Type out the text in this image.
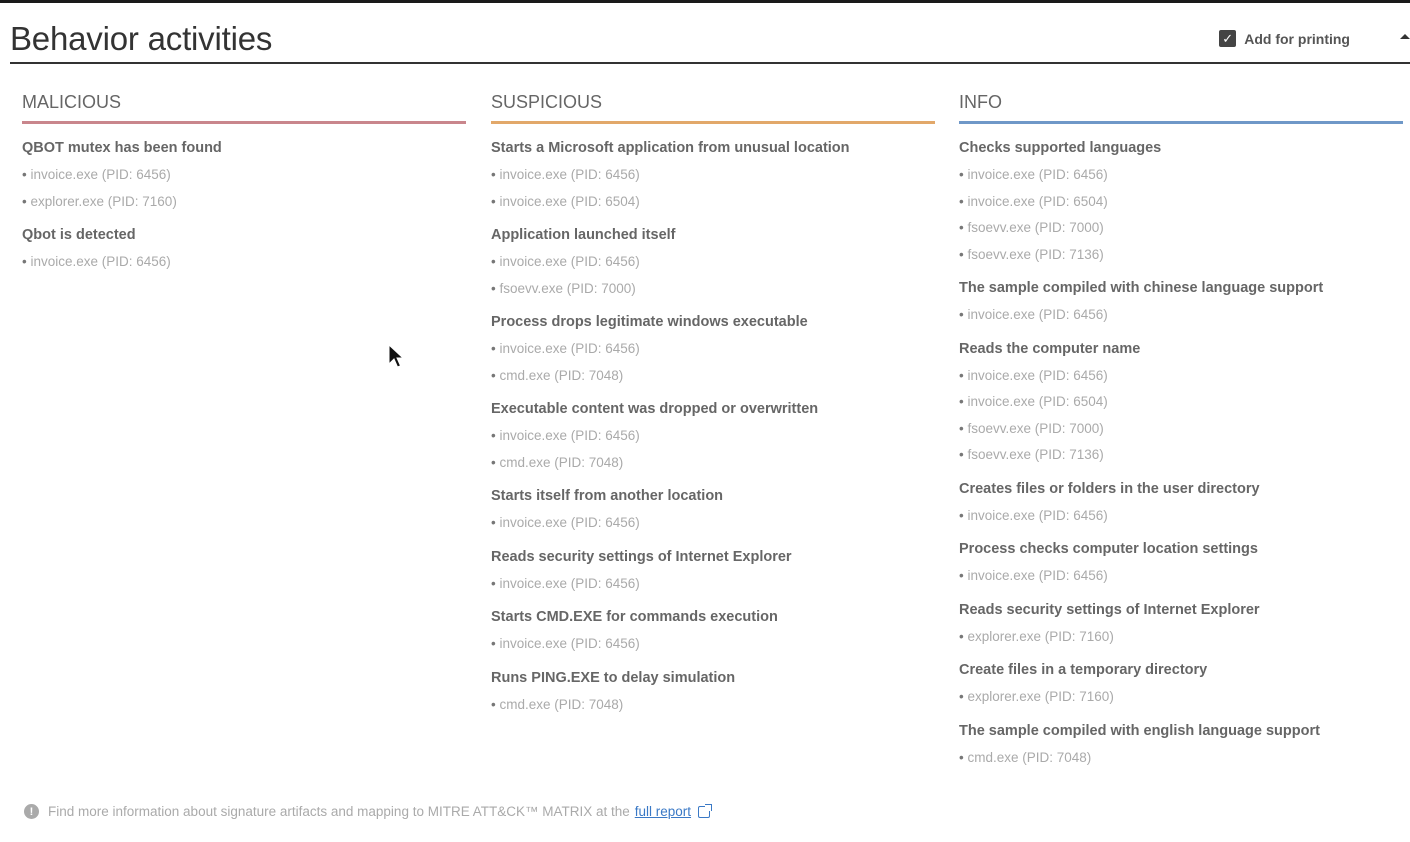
Behavior activities	✓ Add for printing
MALICIOUS
QBOT mutex has been found
• invoice.exe (PID: 6456)
• explorer.exe (PID: 7160)
Qbot is detected
• invoice.exe (PID: 6456)
SUSPICIOUS
Starts a Microsoft application from unusual location
• invoice.exe (PID: 6456)
• invoice.exe (PID: 6504)
Application launched itself
• invoice.exe (PID: 6456)
• fsoevv.exe (PID: 7000)
Process drops legitimate windows executable
• invoice.exe (PID: 6456)
• cmd.exe (PID: 7048)
Executable content was dropped or overwritten
• invoice.exe (PID: 6456)
• cmd.exe (PID: 7048)
Starts itself from another location
• invoice.exe (PID: 6456)
Reads security settings of Internet Explorer
• invoice.exe (PID: 6456)
Starts CMD.EXE for commands execution
• invoice.exe (PID: 6456)
Runs PING.EXE to delay simulation
• cmd.exe (PID: 7048)
INFO
Checks supported languages
• invoice.exe (PID: 6456)
• invoice.exe (PID: 6504)
• fsoevv.exe (PID: 7000)
• fsoevv.exe (PID: 7136)
The sample compiled with chinese language support
• invoice.exe (PID: 6456)
Reads the computer name
• invoice.exe (PID: 6456)
• invoice.exe (PID: 6504)
• fsoevv.exe (PID: 7000)
• fsoevv.exe (PID: 7136)
Creates files or folders in the user directory
• invoice.exe (PID: 6456)
Process checks computer location settings
• invoice.exe (PID: 6456)
Reads security settings of Internet Explorer
• explorer.exe (PID: 7160)
Create files in a temporary directory
• explorer.exe (PID: 7160)
The sample compiled with english language support
• cmd.exe (PID: 7048)
!	Find more information about signature artifacts and mapping to MITRE ATT&CK™ MATRIX at the full report
